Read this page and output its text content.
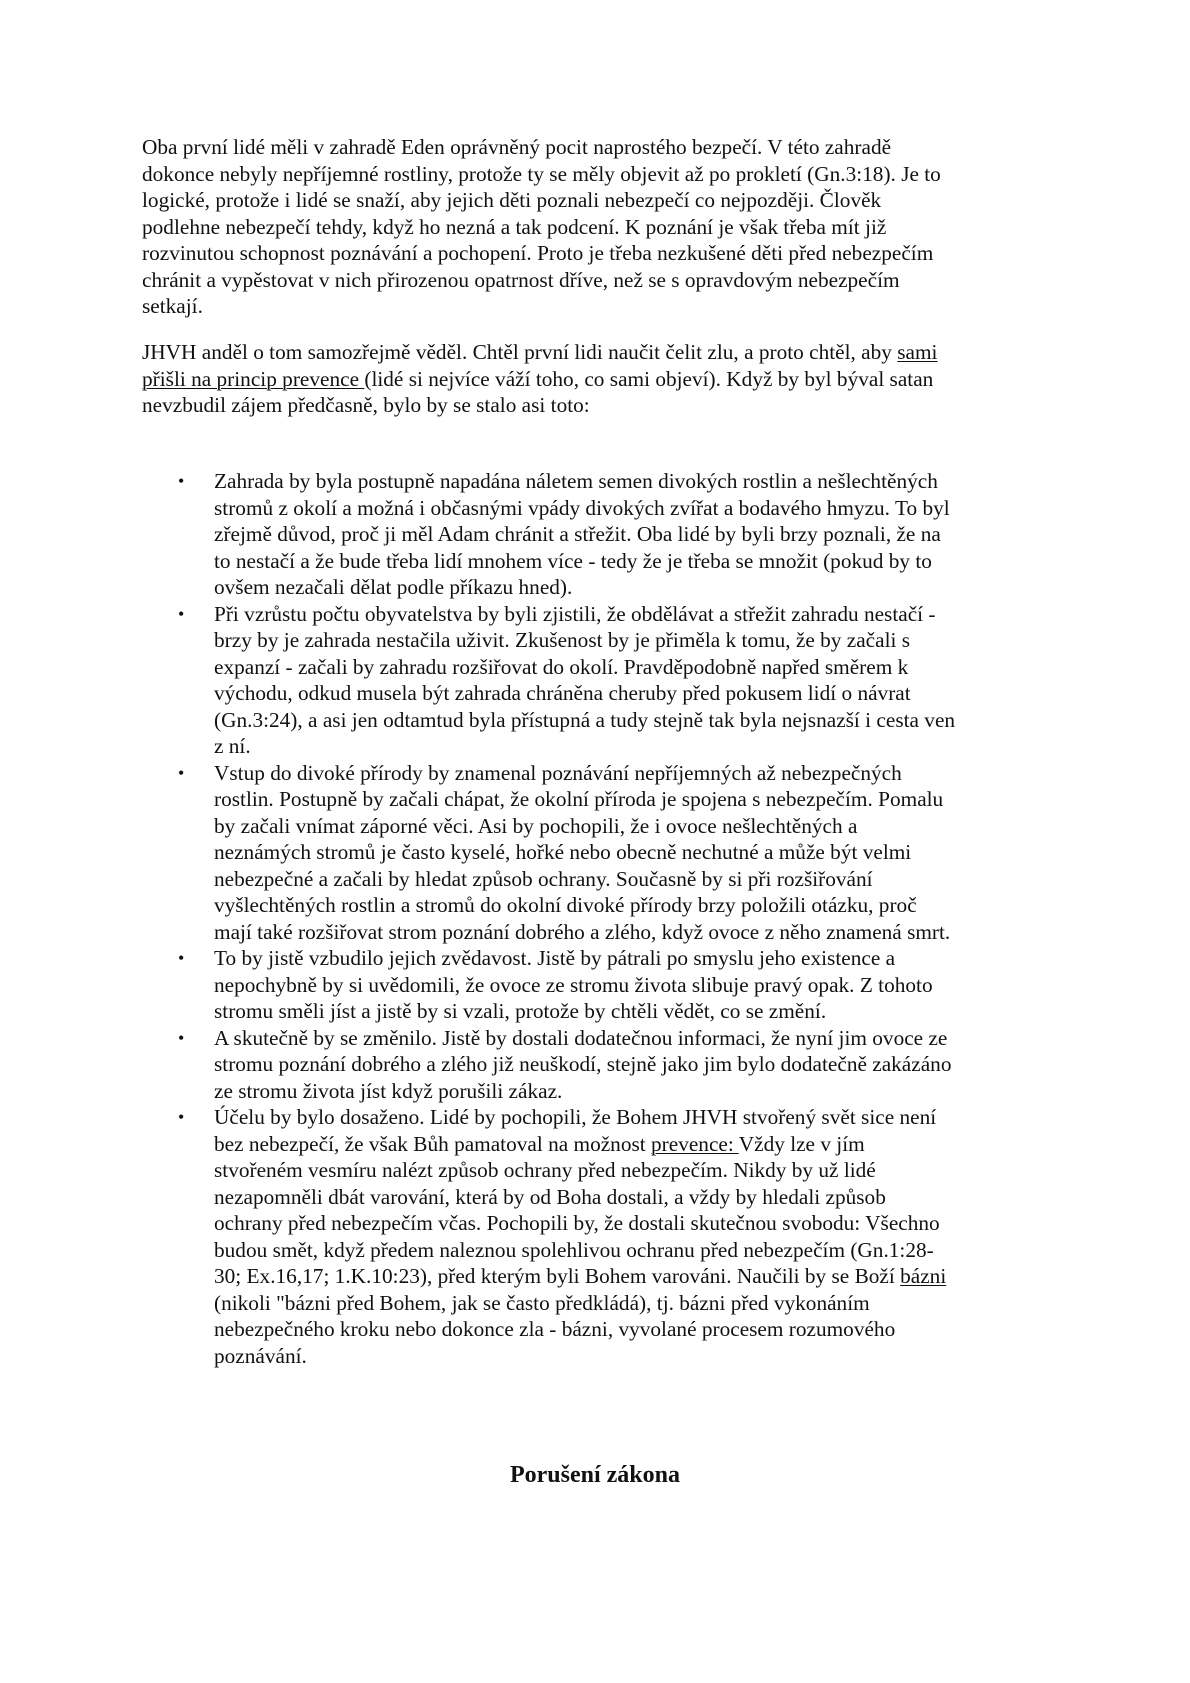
Oba první lidé měli v zahradě Eden oprávněný pocit naprostého bezpečí. V této zahradě
dokonce nebyly nepříjemné rostliny, protože ty se měly objevit až po prokletí (Gn.3:18). Je to
logické, protože i lidé se snaží, aby jejich děti poznali nebezpečí co nejpozději. Člověk
podlehne nebezpečí tehdy, když ho nezná a tak podcení. K poznání je však třeba mít již
rozvinutou schopnost poznávání a pochopení. Proto je třeba nezkušené děti před nebezpečím
chránit a vypěstovat v nich přirozenou opatrnost dříve, než se s opravdovým nebezpečím
setkají.

JHVH anděl o tom samozřejmě věděl. Chtěl první lidi naučit čelit zlu, a proto chtěl, aby sami
přišli na princip prevence (lidé si nejvíce váží toho, co sami objeví). Když by byl býval satan
nevzbudil zájem předčasně, bylo by se stalo asi toto:

• Zahrada by byla postupně napadána náletem semen divokých rostlin a nešlechtěných
stromů z okolí a možná i občasnými vpády divokých zvířat a bodavého hmyzu. To byl
zřejmě důvod, proč ji měl Adam chránit a střežit. Oba lidé by byli brzy poznali, že na
to nestačí a že bude třeba lidí mnohem více - tedy že je třeba se množit (pokud by to
ovšem nezačali dělat podle příkazu hned).
• Při vzrůstu počtu obyvatelstva by byli zjistili, že obdělávat a střežit zahradu nestačí -
brzy by je zahrada nestačila uživit. Zkušenost by je přiměla k tomu, že by začali s
expanzí - začali by zahradu rozšiřovat do okolí. Pravděpodobně napřed směrem k
východu, odkud musela být zahrada chráněna cheruby před pokusem lidí o návrat
(Gn.3:24), a asi jen odtamtud byla přístupná a tudy stejně tak byla nejsnazší i cesta ven
z ní.
• Vstup do divoké přírody by znamenal poznávání nepříjemných až nebezpečných
rostlin. Postupně by začali chápat, že okolní příroda je spojena s nebezpečím. Pomalu
by začali vnímat záporné věci. Asi by pochopili, že i ovoce nešlechtěných a
neznámých stromů je často kyselé, hořké nebo obecně nechutné a může být velmi
nebezpečné a začali by hledat způsob ochrany. Současně by si při rozšiřování
vyšlechtěných rostlin a stromů do okolní divoké přírody brzy položili otázku, proč
mají také rozšiřovat strom poznání dobrého a zlého, když ovoce z něho znamená smrt.
• To by jistě vzbudilo jejich zvědavost. Jistě by pátrali po smyslu jeho existence a
nepochybně by si uvědomili, že ovoce ze stromu života slibuje pravý opak. Z tohoto
stromu směli jíst a jistě by si vzali, protože by chtěli vědět, co se změní.
• A skutečně by se změnilo. Jistě by dostali dodatečnou informaci, že nyní jim ovoce ze
stromu poznání dobrého a zlého již neuškodí, stejně jako jim bylo dodatečně zakázáno
ze stromu života jíst když porušili zákaz.
• Účelu by bylo dosaženo. Lidé by pochopili, že Bohem JHVH stvořený svět sice není
bez nebezpečí, že však Bůh pamatoval na možnost prevence: Vždy lze v jím
stvořeném vesmíru nalézt způsob ochrany před nebezpečím. Nikdy by už lidé
nezapomněli dbát varování, která by od Boha dostali, a vždy by hledali způsob
ochrany před nebezpečím včas. Pochopili by, že dostali skutečnou svobodu: Všechno
budou smět, když předem naleznou spolehlivou ochranu před nebezpečím (Gn.1:28-
30; Ex.16,17; 1.K.10:23), před kterým byli Bohem varováni. Naučili by se Boží bázni
(nikoli "bázni před Bohem, jak se často předkládá), tj. bázni před vykonáním
nebezpečného kroku nebo dokonce zla - bázni, vyvolané procesem rozumového
poznávání.
Porušení zákona
